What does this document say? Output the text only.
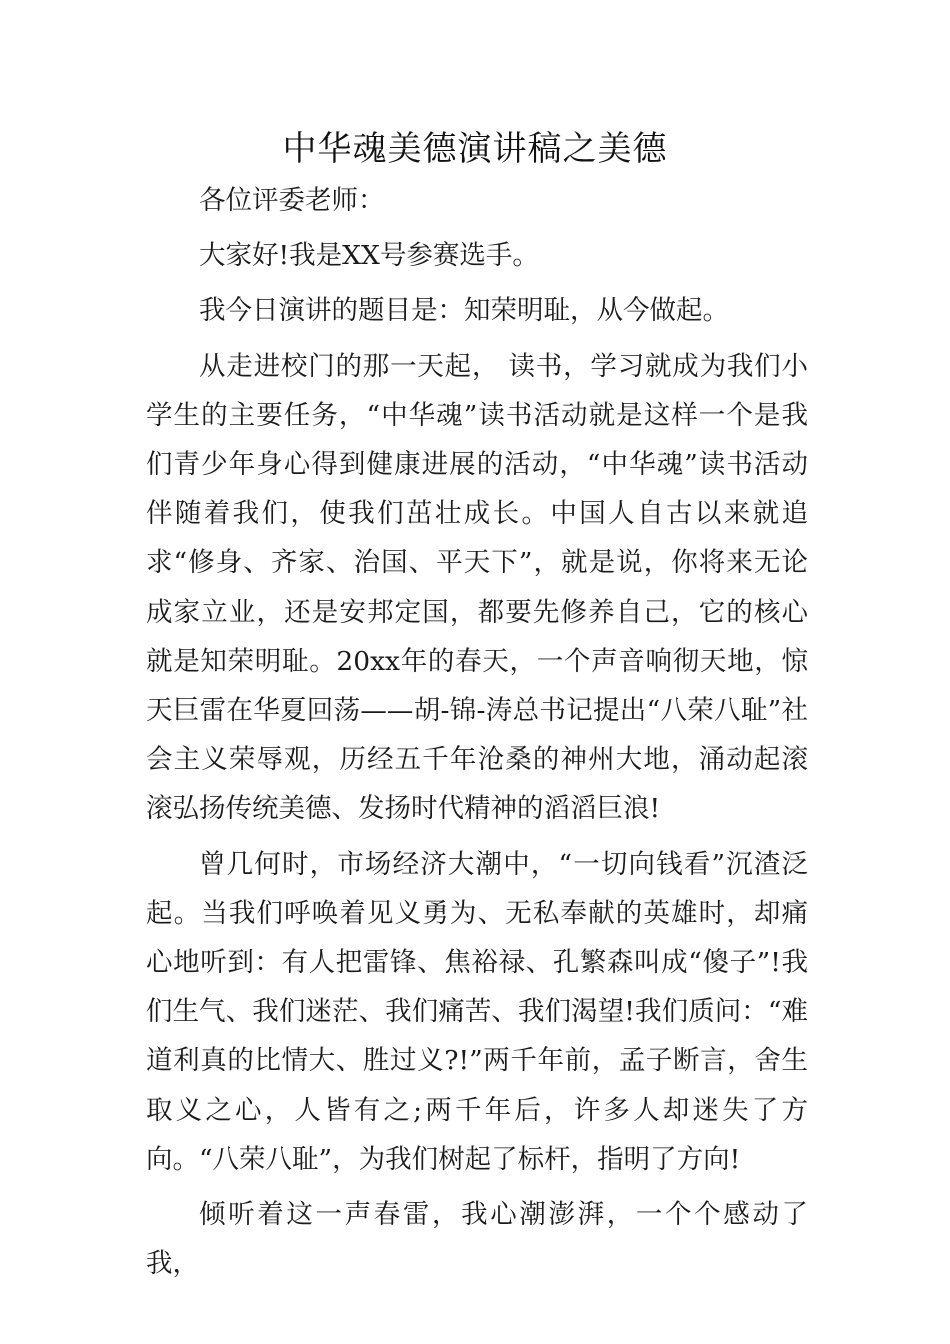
中华魂美德演讲稿之美德

各位评委老师：

大家好!我是XX号参赛选手。

我今日演讲的题目是：知荣明耻，从今做起。

从走进校门的那一天起， 读书，学习就成为我们小学生的主要任务，“中华魂”读书活动就是这样一个是我们青少年身心得到健康进展的活动，“中华魂”读书活动伴随着我们，使我们茁壮成长。中国人自古以来就追求“修身、齐家、治国、平天下”，就是说，你将来无论成家立业，还是安邦定国，都要先修养自己，它的核心就是知荣明耻。20xx年的春天，一个声音响彻天地，惊天巨雷在华夏回荡——胡-锦-涛总书记提出“八荣八耻”社会主义荣辱观，历经五千年沧桑的神州大地，涌动起滚滚弘扬传统美德、发扬时代精神的滔滔巨浪!

曾几何时，市场经济大潮中，“一切向钱看”沉渣泛起。当我们呼唤着见义勇为、无私奉献的英雄时，却痛心地听到：有人把雷锋、焦裕禄、孔繁森叫成“傻子”!我们生气、我们迷茫、我们痛苦、我们渴望!我们质问：“难道利真的比情大、胜过义?!”两千年前，孟子断言，舍生取义之心，人皆有之;两千年后，许多人却迷失了方向。“八荣八耻”，为我们树起了标杆，指明了方向!

倾听着这一声春雷，我心潮澎湃，一个个感动了我，
